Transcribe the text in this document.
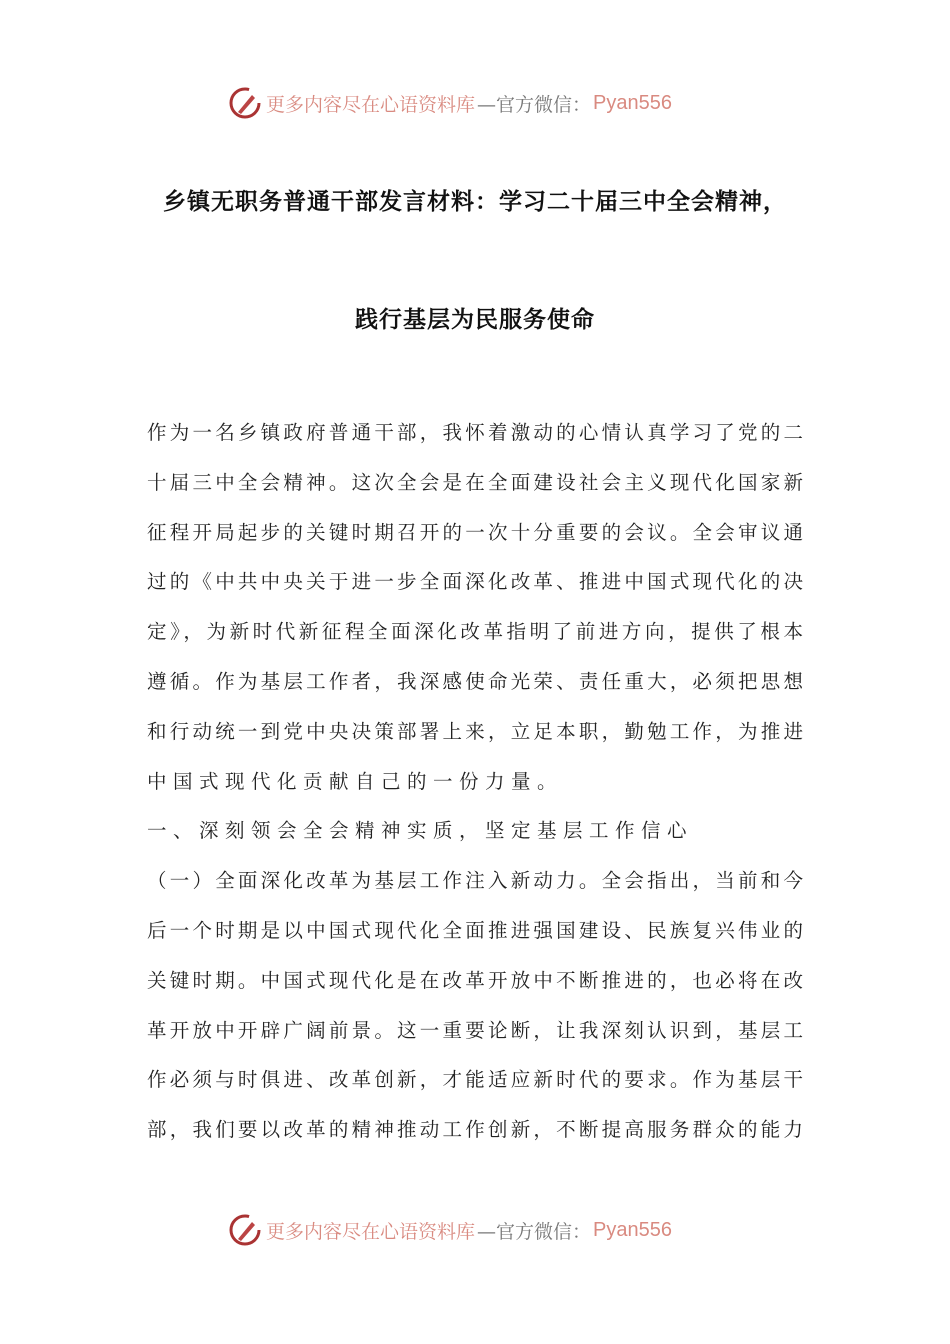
更多内容尽在心语资料库 —官方微信： Pyan556
乡镇无职务普通干部发言材料：学习二十届三中全会精神，
践行基层为民服务使命
作为一名乡镇政府普通干部，我怀着激动的心情认真学习了党的二
十届三中全会精神。这次全会是在全面建设社会主义现代化国家新
征程开局起步的关键时期召开的一次十分重要的会议。全会审议通
过的《中共中央关于进一步全面深化改革、推进中国式现代化的决
定》，为新时代新征程全面深化改革指明了前进方向，提供了根本
遵循。作为基层工作者，我深感使命光荣、责任重大，必须把思想
和行动统一到党中央决策部署上来，立足本职，勤勉工作，为推进
中国式现代化贡献自己的一份力量。
一、深刻领会全会精神实质，坚定基层工作信心
（一）全面深化改革为基层工作注入新动力。全会指出，当前和今
后一个时期是以中国式现代化全面推进强国建设、民族复兴伟业的
关键时期。中国式现代化是在改革开放中不断推进的，也必将在改
革开放中开辟广阔前景。这一重要论断，让我深刻认识到，基层工
作必须与时俱进、改革创新，才能适应新时代的要求。作为基层干
部，我们要以改革的精神推动工作创新，不断提高服务群众的能力
更多内容尽在心语资料库 —官方微信： Pyan556
